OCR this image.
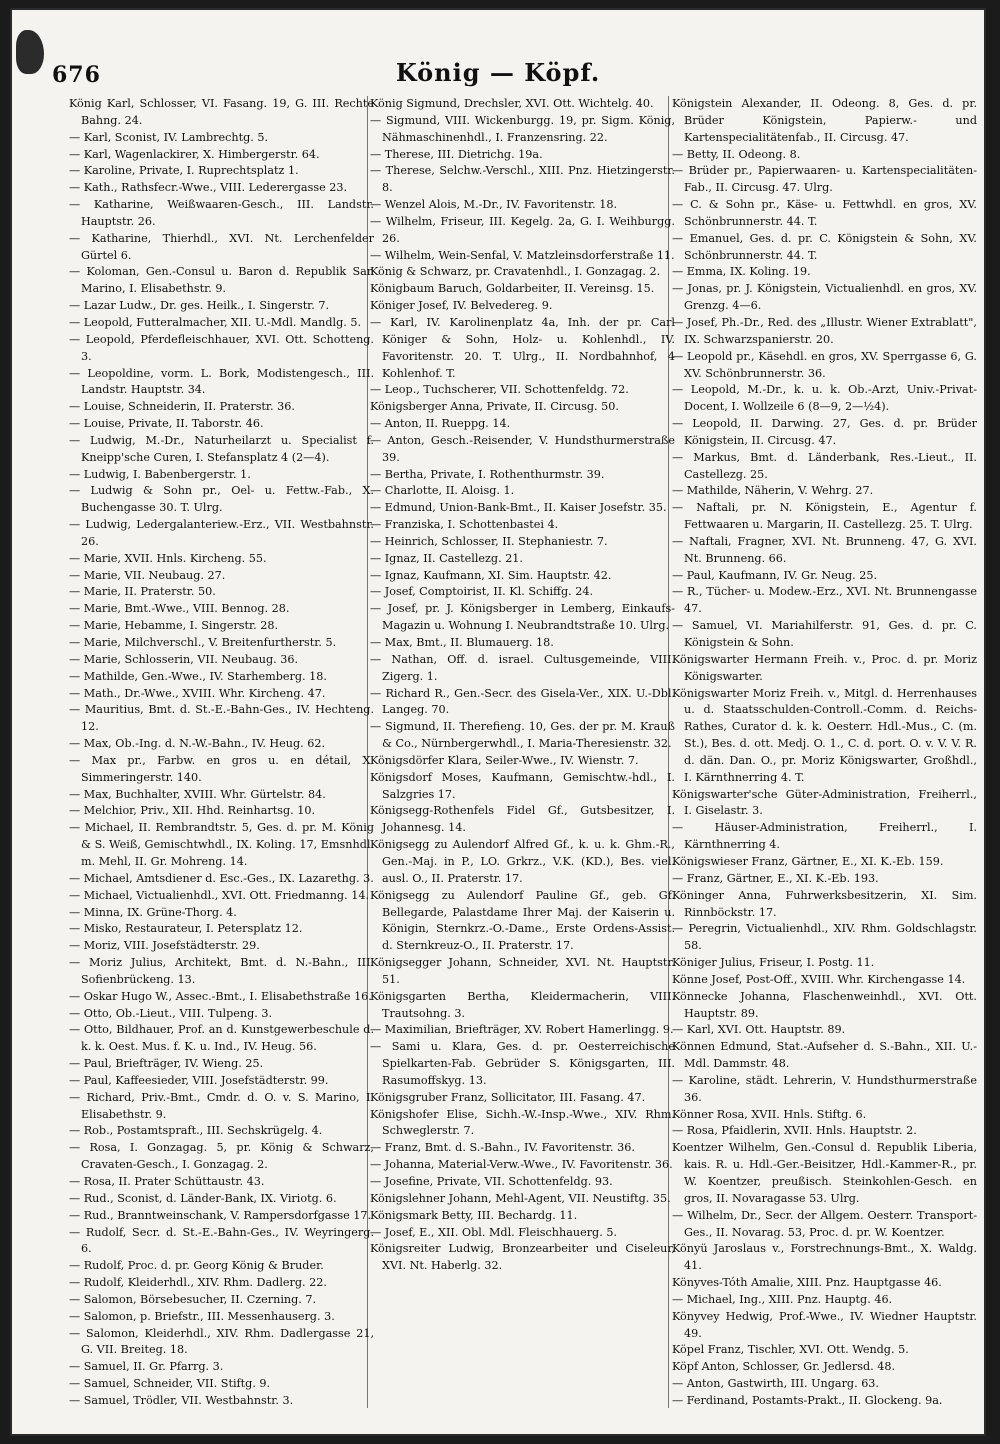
676	König — Köpf.

König Karl, Schlosser, VI. Fasang. 19, G. III. Rechte Bahng. 24.

— Karl, Sconist, IV. Lambrechtg. 5.

— Karl, Wagenlackirer, X. Himbergerstr. 64.

— Karoline, Private, I. Ruprechtsplatz 1.

— Kath., Rathsfecr.-Wwe., VIII. Lederergasse 23.

— Katharine, Weißwaaren-Gesch., III. Landstr. Hauptstr. 26.

— Katharine, Thierhdl., XVI. Nt. Lerchenfelder Gürtel 6.

— Koloman, Gen.-Consul u. Baron d. Republik San Marino, I. Elisabethstr. 9.

— Lazar Ludw., Dr. ges. Heilk., I. Singerstr. 7.

— Leopold, Futteralmacher, XII. U.-Mdl. Mandlg. 5.

— Leopold, Pferdefleischhauer, XVI. Ott. Schotteng. 3.

— Leopoldine, vorm. L. Bork, Modistengesch., III. Landstr. Hauptstr. 34.

— Louise, Schneiderin, II. Praterstr. 36.

— Louise, Private, II. Taborstr. 46.

— Ludwig, M.-Dr., Naturheilarzt u. Specialist f. Kneipp'sche Curen, I. Stefansplatz 4 (2—4).

— Ludwig, I. Babenbergerstr. 1.

— Ludwig & Sohn pr., Oel- u. Fettw.-Fab., X. Buchengasse 30. T. Ulrg.

— Ludwig, Ledergalanteriew.-Erz., VII. Westbahnstr. 26.

— Marie, XVII. Hnls. Kircheng. 55.

— Marie, VII. Neubaug. 27.

— Marie, II. Praterstr. 50.

— Marie, Bmt.-Wwe., VIII. Bennog. 28.

— Marie, Hebamme, I. Singerstr. 28.

— Marie, Milchverschl., V. Breitenfurtherstr. 5.

— Marie, Schlosserin, VII. Neubaug. 36.

— Mathilde, Gen.-Wwe., IV. Starhemberg. 18.

— Math., Dr.-Wwe., XVIII. Whr. Kircheng. 47.

— Mauritius, Bmt. d. St.-E.-Bahn-Ges., IV. Hechteng. 12.

— Max, Ob.-Ing. d. N.-W.-Bahn., IV. Heug. 62.

— Max pr., Farbw. en gros u. en détail, X. Simmeringerstr. 140.

— Max, Buchhalter, XVIII. Whr. Gürtelstr. 84.

— Melchior, Priv., XII. Hhd. Reinhartsg. 10.

— Michael, II. Rembrandtstr. 5, Ges. d. pr. M. König & S. Weiß, Gemischtwhdl., IX. Koling. 17, Emsnhdl. m. Mehl, II. Gr. Mohreng. 14.

— Michael, Amtsdiener d. Esc.-Ges., IX. Lazarethg. 3.

— Michael, Victualienhdl., XVI. Ott. Friedmanng. 14.

— Minna, IX. Grüne-Thorg. 4.

— Misko, Restaurateur, I. Petersplatz 12.

— Moriz, VIII. Josefstädterstr. 29.

— Moriz Julius, Architekt, Bmt. d. N.-Bahn., III. Sofienbrückeng. 13.

— Oskar Hugo W., Assec.-Bmt., I. Elisabethstraße 16.

— Otto, Ob.-Lieut., VIII. Tulpeng. 3.

— Otto, Bildhauer, Prof. an d. Kunstgewerbeschule d. k. k. Oest. Mus. f. K. u. Ind., IV. Heug. 56.

— Paul, Briefträger, IV. Wieng. 25.

— Paul, Kaffeesieder, VIII. Josefstädterstr. 99.

— Richard, Priv.-Bmt., Cmdr. d. O. v. S. Marino, I. Elisabethstr. 9.

— Rob., Postamtspraft., III. Sechskrügelg. 4.

— Rosa, I. Gonzagag. 5, pr. König & Schwarz, Cravaten-Gesch., I. Gonzagag. 2.

— Rosa, II. Prater Schüttaustr. 43.

— Rud., Sconist, d. Länder-Bank, IX. Viriotg. 6.

— Rud., Branntweinschank, V. Rampersdorfgasse 17.

— Rudolf, Secr. d. St.-E.-Bahn-Ges., IV. Weyringerg. 6.

— Rudolf, Proc. d. pr. Georg König & Bruder.

— Rudolf, Kleiderhdl., XIV. Rhm. Dadlerg. 22.

— Salomon, Börsebesucher, II. Czerning. 7.

— Salomon, p. Briefstr., III. Messenhauserg. 3.

— Salomon, Kleiderhdl., XIV. Rhm. Dadlergasse 21, G. VII. Breiteg. 18.

— Samuel, II. Gr. Pfarrg. 3.

— Samuel, Schneider, VII. Stiftg. 9.

— Samuel, Trödler, VII. Westbahnstr. 3.

König Sigmund, Drechsler, XVI. Ott. Wichtelg. 40.

— Sigmund, VIII. Wickenburgg. 19, pr. Sigm. König, Nähmaschinenhdl., I. Franzensring. 22.

— Therese, III. Dietrichg. 19a.

— Therese, Selchw.-Verschl., XIII. Pnz. Hietzingerstr. 8.

— Wenzel Alois, M.-Dr., IV. Favoritenstr. 18.

— Wilhelm, Friseur, III. Kegelg. 2a, G. I. Weihburgg. 26.

— Wilhelm, Wein-Senfal, V. Matzleinsdorferstraße 11.

König & Schwarz, pr. Cravatenhdl., I. Gonzagag. 2.

Königbaum Baruch, Goldarbeiter, II. Vereinsg. 15.

Königer Josef, IV. Belvedereg. 9.

— Karl, IV. Karolinenplatz 4a, Inh. der pr. Carl Königer & Sohn, Holz- u. Kohlenhdl., IV. Favoritenstr. 20. T. Ulrg., II. Nordbahnhof, 4 Kohlenhof. T.

— Leop., Tuchscherer, VII. Schottenfeldg. 72.

Königsberger Anna, Private, II. Circusg. 50.

— Anton, II. Rueppg. 14.

— Anton, Gesch.-Reisender, V. Hundsthurmerstraße 39.

— Bertha, Private, I. Rothenthurmstr. 39.

— Charlotte, II. Aloisg. 1.

— Edmund, Union-Bank-Bmt., II. Kaiser Josefstr. 35.

— Franziska, I. Schottenbastei 4.

— Heinrich, Schlosser, II. Stephaniestr. 7.

— Ignaz, II. Castellezg. 21.

— Ignaz, Kaufmann, XI. Sim. Hauptstr. 42.

— Josef, Comptoirist, II. Kl. Schiffg. 24.

— Josef, pr. J. Königsberger in Lemberg, Einkaufs-Magazin u. Wohnung I. Neubrandtstraße 10. Ulrg.

— Max, Bmt., II. Blumauerg. 18.

— Nathan, Off. d. israel. Cultusgemeinde, VIII. Zigerg. 1.

— Richard R., Gen.-Secr. des Gisela-Ver., XIX. U.-Dbl. Langeg. 70.

— Sigmund, II. Therefieng. 10, Ges. der pr. M. Krauß & Co., Nürnbergerwhdl., I. Maria-Theresienstr. 32.

Königsdörfer Klara, Seiler-Wwe., IV. Wienstr. 7.

Königsdorf Moses, Kaufmann, Gemischtw.-hdl., I. Salzgries 17.

Königsegg-Rothenfels Fidel Gf., Gutsbesitzer, I. Johannesg. 14.

Königsegg zu Aulendorf Alfred Gf., k. u. k. Ghm.-R., Gen.-Maj. in P., LO. Grkrz., V.K. (KD.), Bes. viel. ausl. O., II. Praterstr. 17.

Königsegg zu Aulendorf Pauline Gf., geb. Gf. Bellegarde, Palastdame Ihrer Maj. der Kaiserin u. Königin, Sternkrz.-O.-Dame., Erste Ordens-Assist. d. Sternkreuz-O., II. Praterstr. 17.

Königsegger Johann, Schneider, XVI. Nt. Hauptstr. 51.

Königsgarten Bertha, Kleidermacherin, VIII. Trautsohng. 3.

— Maximilian, Briefträger, XV. Robert Hamerlingg. 9.

— Sami u. Klara, Ges. d. pr. Oesterreichische Spielkarten-Fab. Gebrüder S. Königsgarten, III. Rasumoffskyg. 13.

Königsgruber Franz, Sollicitator, III. Fasang. 47.

Königshofer Elise, Sichh.-W.-Insp.-Wwe., XIV. Rhm. Schweglerstr. 7.

— Franz, Bmt. d. S.-Bahn., IV. Favoritenstr. 36.

— Johanna, Material-Verw.-Wwe., IV. Favoritenstr. 36.

— Josefine, Private, VII. Schottenfeldg. 93.

Königslehner Johann, Mehl-Agent, VII. Neustiftg. 35.

Königsmark Betty, III. Bechardg. 11.

— Josef, E., XII. Obl. Mdl. Fleischhauerg. 5.

Königsreiter Ludwig, Bronzearbeiter und Ciseleur, XVI. Nt. Haberlg. 32.

Königstein Alexander, II. Odeong. 8, Ges. d. pr. Brüder Königstein, Papierw.- und Kartenspecialitätenfab., II. Circusg. 47.

— Betty, II. Odeong. 8.

— Brüder pr., Papierwaaren- u. Kartenspecialitäten-Fab., II. Circusg. 47. Ulrg.

— C. & Sohn pr., Käse- u. Fettwhdl. en gros, XV. Schönbrunnerstr. 44. T.

— Emanuel, Ges. d. pr. C. Königstein & Sohn, XV. Schönbrunnerstr. 44. T.

— Emma, IX. Koling. 19.

— Jonas, pr. J. Königstein, Victualienhdl. en gros, XV. Grenzg. 4—6.

— Josef, Ph.-Dr., Red. des „Illustr. Wiener Extrablatt", IX. Schwarzspanierstr. 20.

— Leopold pr., Käsehdl. en gros, XV. Sperrgasse 6, G. XV. Schönbrunnerstr. 36.

— Leopold, M.-Dr., k. u. k. Ob.-Arzt, Univ.-Privat-Docent, I. Wollzeile 6 (8—9, 2—½4).

— Leopold, II. Darwing. 27, Ges. d. pr. Brüder Königstein, II. Circusg. 47.

— Markus, Bmt. d. Länderbank, Res.-Lieut., II. Castellezg. 25.

— Mathilde, Näherin, V. Wehrg. 27.

— Naftali, pr. N. Königstein, E., Agentur f. Fettwaaren u. Margarin, II. Castellezg. 25. T. Ulrg.

— Naftali, Fragner, XVI. Nt. Brunneng. 47, G. XVI. Nt. Brunneng. 66.

— Paul, Kaufmann, IV. Gr. Neug. 25.

— R., Tücher- u. Modew.-Erz., XVI. Nt. Brunnengasse 47.

— Samuel, VI. Mariahilferstr. 91, Ges. d. pr. C. Königstein & Sohn.

Königswarter Hermann Freih. v., Proc. d. pr. Moriz Königswarter.

Königswarter Moriz Freih. v., Mitgl. d. Herrenhauses u. d. Staatsschulden-Controll.-Comm. d. Reichs-Rathes, Curator d. k. k. Oesterr. Hdl.-Mus., C. (m. St.), Bes. d. ott. Medj. O. 1., C. d. port. O. v. V. V. R. d. dän. Dan. O., pr. Moriz Königswarter, Großhdl., I. Kärnthnerring 4. T.

Königswarter'sche Güter-Administration, Freiherrl., I. Giselastr. 3.

— Häuser-Administration, Freiherrl., I. Kärnthnerring 4.

Königswieser Franz, Gärtner, E., XI. K.-Eb. 159.

— Franz, Gärtner, E., XI. K.-Eb. 193.

Köninger Anna, Fuhrwerksbesitzerin, XI. Sim. Rinnböckstr. 17.

— Peregrin, Victualienhdl., XIV. Rhm. Goldschlagstr. 58.

Königer Julius, Friseur, I. Postg. 11.

Könne Josef, Post-Off., XVIII. Whr. Kirchengasse 14.

Könnecke Johanna, Flaschenweinhdl., XVI. Ott. Hauptstr. 89.

— Karl, XVI. Ott. Hauptstr. 89.

Können Edmund, Stat.-Aufseher d. S.-Bahn., XII. U.-Mdl. Dammstr. 48.

— Karoline, städt. Lehrerin, V. Hundsthurmerstraße 36.

Könner Rosa, XVII. Hnls. Stiftg. 6.

— Rosa, Pfaidlerin, XVII. Hnls. Hauptstr. 2.

Koentzer Wilhelm, Gen.-Consul d. Republik Liberia, kais. R. u. Hdl.-Ger.-Beisitzer, Hdl.-Kammer-R., pr. W. Koentzer, preußisch. Steinkohlen-Gesch. en gros, II. Novaragasse 53. Ulrg.

— Wilhelm, Dr., Secr. der Allgem. Oesterr. Transport-Ges., II. Novarag. 53, Proc. d. pr. W. Koentzer.

Könyü Jaroslaus v., Forstrechnungs-Bmt., X. Waldg. 41.

Könyves-Tóth Amalie, XIII. Pnz. Hauptgasse 46.

— Michael, Ing., XIII. Pnz. Hauptg. 46.

Könyvey Hedwig, Prof.-Wwe., IV. Wiedner Hauptstr. 49.

Köpel Franz, Tischler, XVI. Ott. Wendg. 5.

Köpf Anton, Schlosser, Gr. Jedlersd. 48.

— Anton, Gastwirth, III. Ungarg. 63.

— Ferdinand, Postamts-Prakt., II. Glockeng. 9a.
